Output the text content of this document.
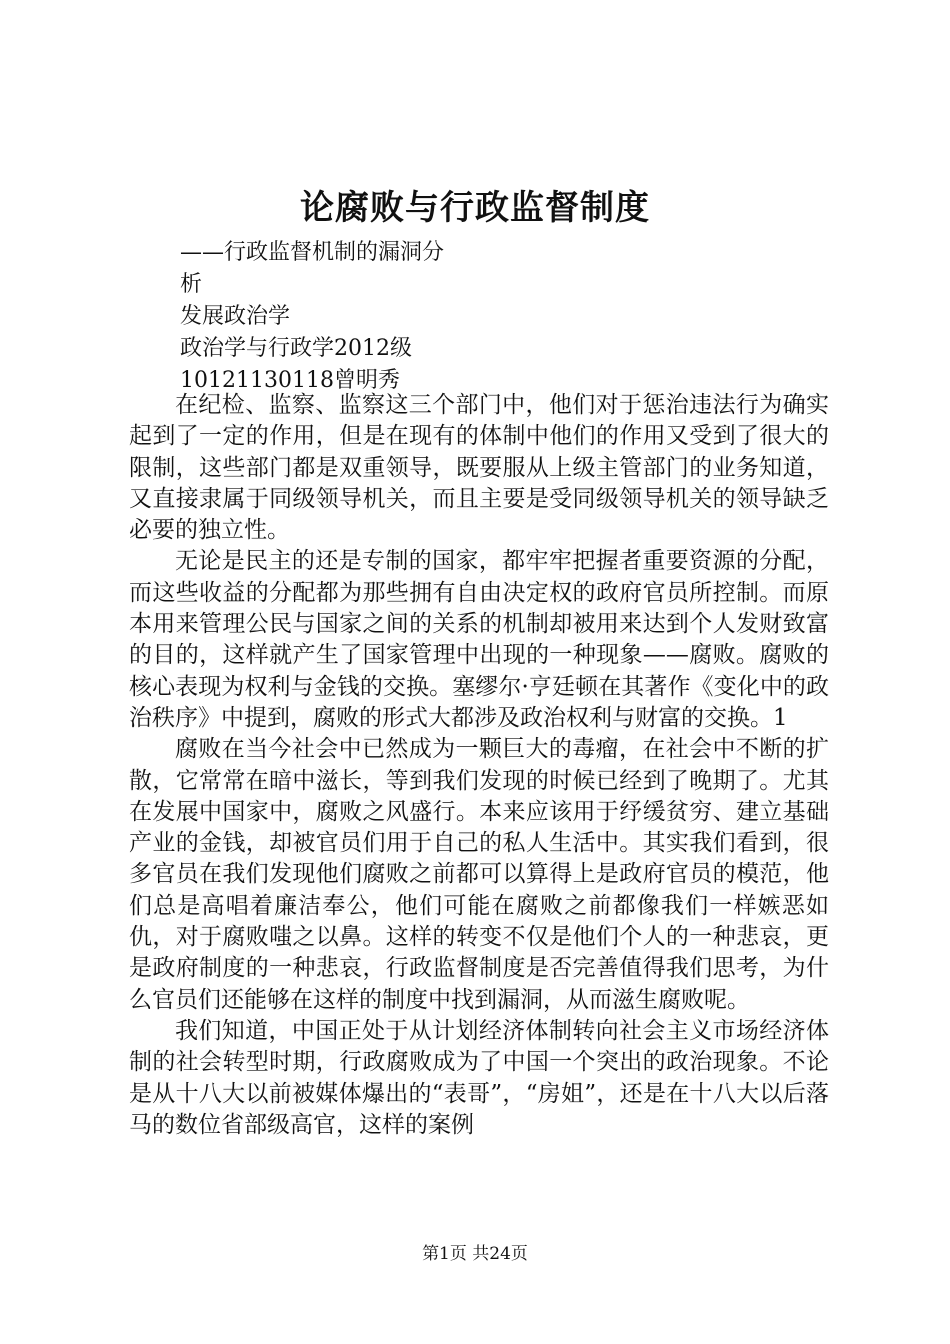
论腐败与行政监督制度
——行政监督机制的漏洞分
析
发展政治学
政治学与行政学2012级
10121130118曾明秀

在纪检、监察、监察这三个部门中，他们对于惩治违法行为确实起到了一定的作用，但是在现有的体制中他们的作用又受到了很大的限制，这些部门都是双重领导，既要服从上级主管部门的业务知道，又直接隶属于同级领导机关，而且主要是受同级领导机关的领导缺乏必要的独立性。

无论是民主的还是专制的国家，都牢牢把握者重要资源的分配，而这些收益的分配都为那些拥有自由决定权的政府官员所控制。而原本用来管理公民与国家之间的关系的机制却被用来达到个人发财致富的目的，这样就产生了国家管理中出现的一种现象——腐败。腐败的核心表现为权利与金钱的交换。塞缪尔·亨廷顿在其著作《变化中的政治秩序》中提到，腐败的形式大都涉及政治权利与财富的交换。1

腐败在当今社会中已然成为一颗巨大的毒瘤，在社会中不断的扩散，它常常在暗中滋长，等到我们发现的时候已经到了晚期了。尤其在发展中国家中，腐败之风盛行。本来应该用于纾缓贫穷、建立基础产业的金钱，却被官员们用于自己的私人生活中。其实我们看到，很多官员在我们发现他们腐败之前都可以算得上是政府官员的模范，他们总是高唱着廉洁奉公，他们可能在腐败之前都像我们一样嫉恶如仇，对于腐败嗤之以鼻。这样的转变不仅是他们个人的一种悲哀，更是政府制度的一种悲哀，行政监督制度是否完善值得我们思考，为什么官员们还能够在这样的制度中找到漏洞，从而滋生腐败呢。

我们知道，中国正处于从计划经济体制转向社会主义市场经济体制的社会转型时期，行政腐败成为了中国一个突出的政治现象。不论是从十八大以前被媒体爆出的“表哥”，“房姐”，还是在十八大以后落马的数位省部级高官，这样的案例

第1页 共24页
